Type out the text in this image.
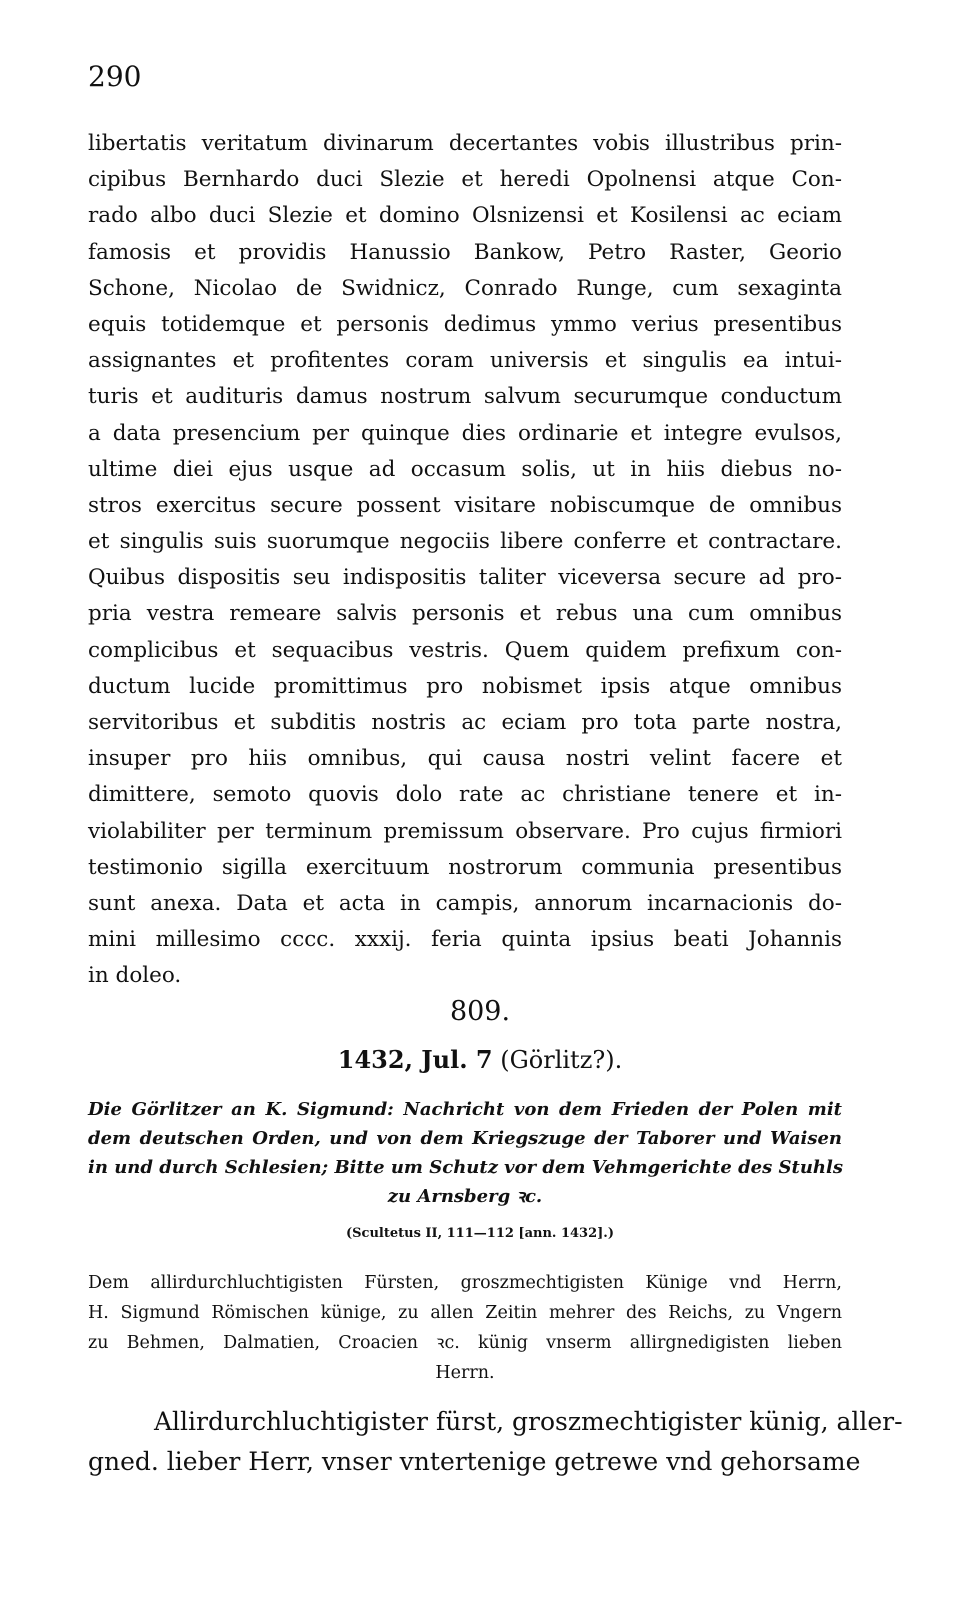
290
libertatis veritatum divinarum decertantes vobis illustribus prin-
cipibus Bernhardo duci Slezie et heredi Opolnensi atque Con-
rado albo duci Slezie et domino Olsnizensi et Kosilensi ac eciam
famosis et providis Hanussio Bankow, Petro Raster, Georio
Schone, Nicolao de Swidnicz, Conrado Runge, cum sexaginta
equis totidemque et personis dedimus ymmo verius presentibus
assignantes et profitentes coram universis et singulis ea intui-
turis et audituris damus nostrum salvum securumque conductum
a data presencium per quinque dies ordinarie et integre evulsos,
ultime diei ejus usque ad occasum solis, ut in hiis diebus no-
stros exercitus secure possent visitare nobiscumque de omnibus
et singulis suis suorumque negociis libere conferre et contractare.
Quibus dispositis seu indispositis taliter viceversa secure ad pro-
pria vestra remeare salvis personis et rebus una cum omnibus
complicibus et sequacibus vestris. Quem quidem prefixum con-
ductum lucide promittimus pro nobismet ipsis atque omnibus
servitoribus et subditis nostris ac eciam pro tota parte nostra,
insuper pro hiis omnibus, qui causa nostri velint facere et
dimittere, semoto quovis dolo rate ac christiane tenere et in-
violabiliter per terminum premissum observare. Pro cujus firmiori
testimonio sigilla exercituum nostrorum communia presentibus
sunt anexa. Data et acta in campis, annorum incarnacionis do-
mini millesimo cccc. xxxij. feria quinta ipsius beati Johannis
in doleo.
809.
1432, Jul. 7 (Görlitz?).
Die Görlitzer an K. Sigmund: Nachricht von dem Frieden der Polen mit
dem deutschen Orden, und von dem Kriegszuge der Taborer und Waisen
in und durch Schlesien; Bitte um Schutz vor dem Vehmgerichte des Stuhls
zu Arnsberg ꝛc.
(Scultetus II, 111—112 [ann. 1432].)
Dem allirdurchluchtigisten Fürsten, groszmechtigisten Künige vnd Herrn,
H. Sigmund Römischen künige, zu allen Zeitin mehrer des Reichs, zu Vngern
zu Behmen, Dalmatien, Croacien ꝛc. künig vnserm allirgnedigisten lieben
Herrn.
Allirdurchluchtigister fürst, groszmechtigister künig, aller-
gned. lieber Herr, vnser vntertenige getrewe vnd gehorsame
